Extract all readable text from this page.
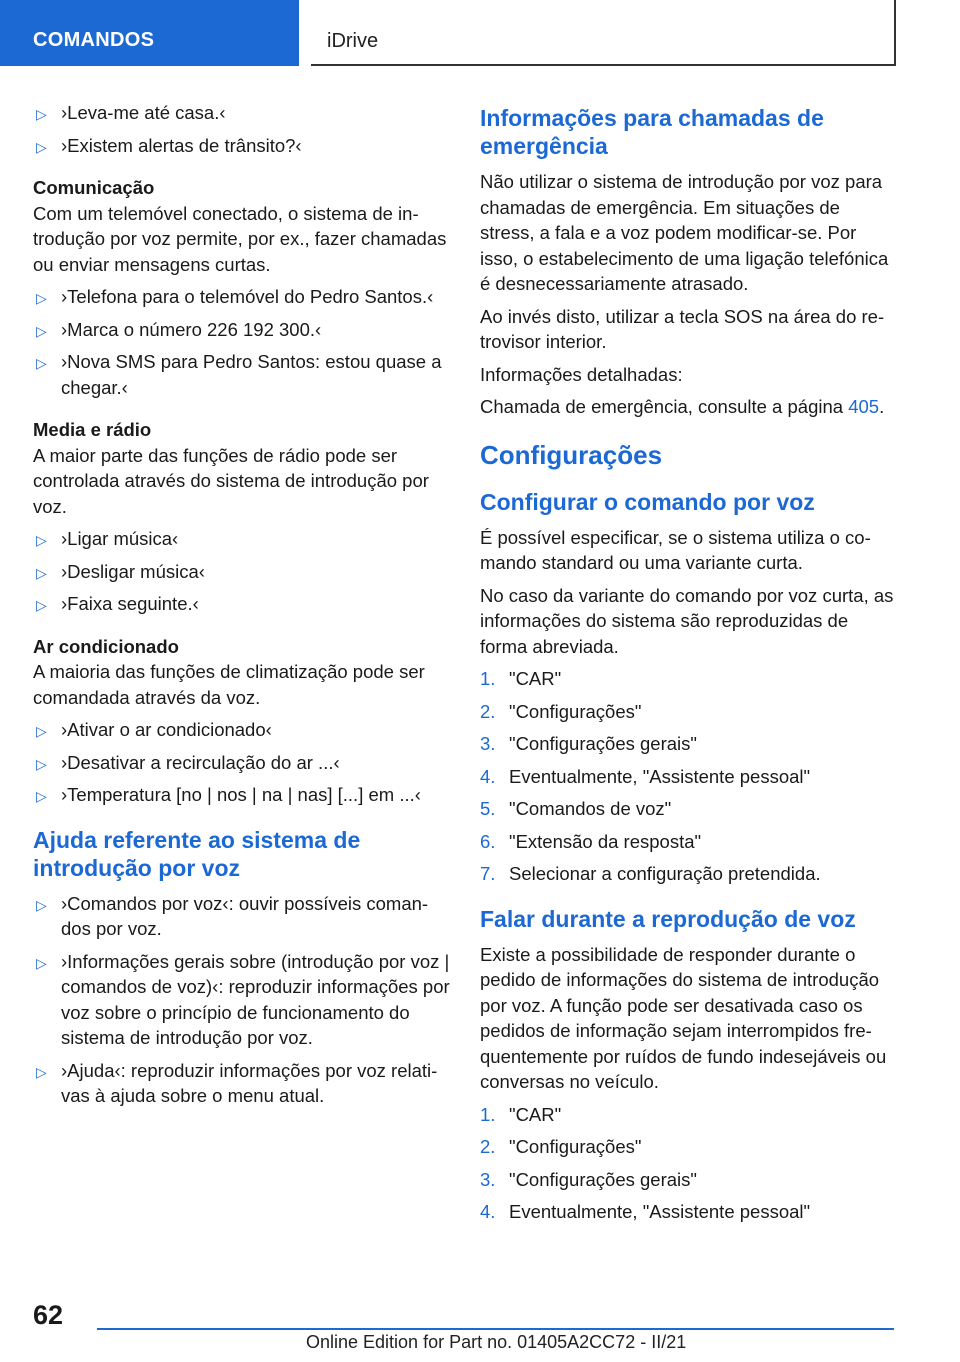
COMANDOS	iDrive
▷ ›Leva-me até casa.‹
▷ ›Existem alertas de trânsito?‹
Comunicação

Com um telemóvel conectado, o sistema de introdução por voz permite, por ex., fazer chamadas ou enviar mensagens curtas.

▷ ›Telefona para o telemóvel do Pedro Santos.‹
▷ ›Marca o número 226 192 300.‹
▷ ›Nova SMS para Pedro Santos: estou quase a chegar.‹
Media e rádio

A maior parte das funções de rádio pode ser controlada através do sistema de introdução por voz.

▷ ›Ligar música‹
▷ ›Desligar música‹
▷ ›Faixa seguinte.‹
Ar condicionado

A maioria das funções de climatização pode ser comandada através da voz.

▷ ›Ativar o ar condicionado‹
▷ ›Desativar a recirculação do ar ...‹
▷ ›Temperatura [no | nos | na | nas] [...] em ...‹
Ajuda referente ao sistema de introdução por voz
▷ ›Comandos por voz‹: ouvir possíveis comandos por voz.
▷ ›Informações gerais sobre (introdução por voz | comandos de voz)‹: reproduzir informações por voz sobre o princípio de funcionamento do sistema de introdução por voz.
▷ ›Ajuda‹: reproduzir informações por voz relativas à ajuda sobre o menu atual.
Informações para chamadas de emergência

Não utilizar o sistema de introdução por voz para chamadas de emergência. Em situações de stress, a fala e a voz podem modificar-se. Por isso, o estabelecimento de uma ligação telefónica é desnecessariamente atrasado.

Ao invés disto, utilizar a tecla SOS na área do retrovisor interior.

Informações detalhadas:

Chamada de emergência, consulte a página 405.

Configurações
Configurar o comando por voz

É possível especificar, se o sistema utiliza o comando standard ou uma variante curta.

No caso da variante do comando por voz curta, as informações do sistema são reproduzidas de forma abreviada.

1. "CAR"
2. "Configurações"
3. "Configurações gerais"
4. Eventualmente, "Assistente pessoal"
5. "Comandos de voz"
6. "Extensão da resposta"
7. Selecionar a configuração pretendida.
Falar durante a reprodução de voz

Existe a possibilidade de responder durante o pedido de informações do sistema de introdução por voz. A função pode ser desativada caso os pedidos de informação sejam interrompidos frequentemente por ruídos de fundo indesejáveis ou conversas no veículo.

1. "CAR"
2. "Configurações"
3. "Configurações gerais"
4. Eventualmente, "Assistente pessoal"
62
Online Edition for Part no. 01405A2CC72 - II/21
